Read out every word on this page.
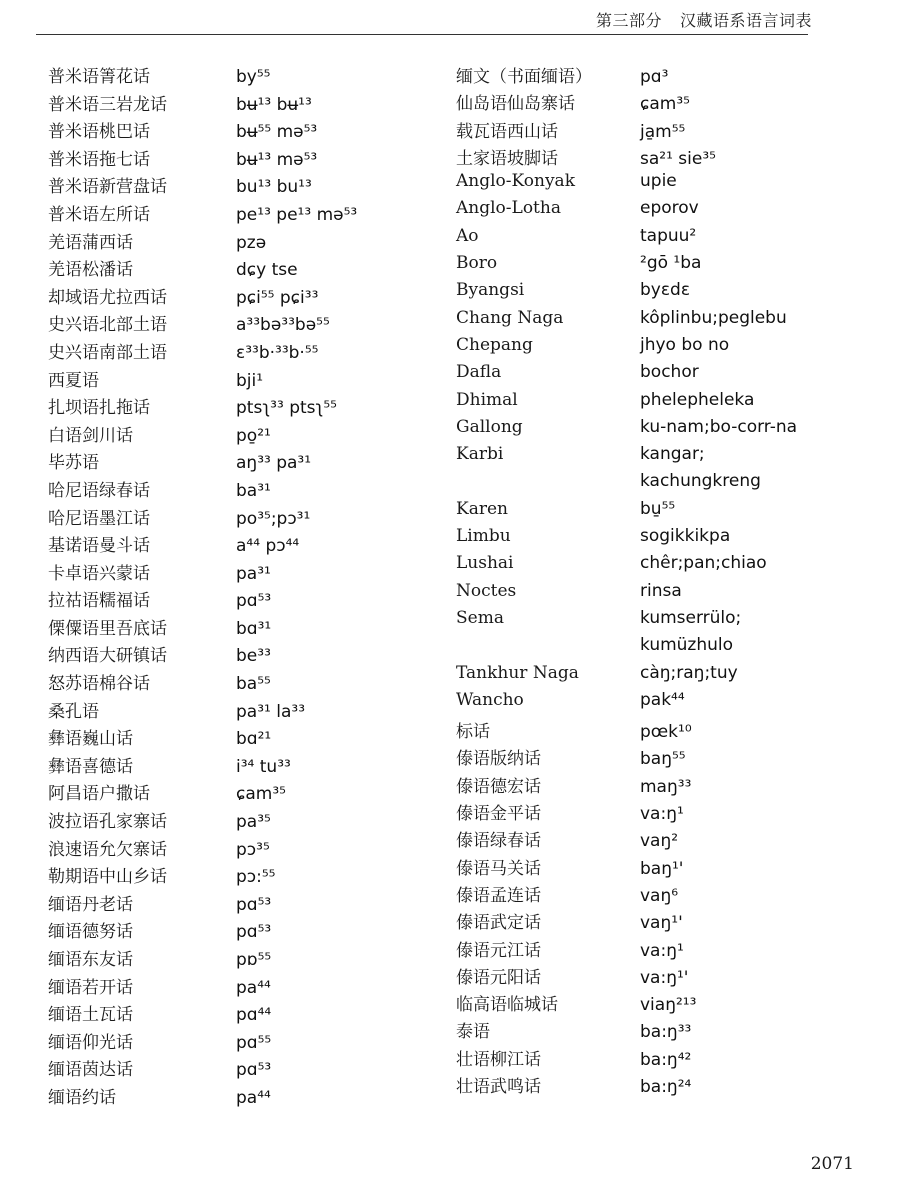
第三部分 汉藏语系语言词表
普米语箐花话	by⁵⁵
普米语三岩龙话	bʉ¹³ bʉ¹³
普米语桃巴话	bʉ⁵⁵ mə⁵³
普米语拖七话	bʉ¹³ mə⁵³
普米语新营盘话	bu¹³ bu¹³
普米语左所话	pe¹³ pe¹³ mə⁵³
羌语蒲西话	pzə
羌语松潘话	dɕy tse
却域语尤拉西话	pɕi⁵⁵ pɕi³³
史兴语北部土语	a³³bə³³bə⁵⁵
史兴语南部土语	ɛ³³b·³³b·⁵⁵
西夏语	bji¹
扎坝语扎拖话	ptsʅ³³ ptsʅ⁵⁵
白语剑川话	po̱²¹
毕苏语	aŋ³³ pa³¹
哈尼语绿春话	ba³¹
哈尼语墨江话	po³⁵;pɔ³¹
基诺语曼斗话	a⁴⁴ pɔ⁴⁴
卡卓语兴蒙话	pa³¹
拉祜语糯福话	pɑ⁵³
傈僳语里吾底话	bɑ³¹
纳西语大研镇话	be³³
怒苏语棉谷话	ba⁵⁵
桑孔语	pa³¹ la³³
彝语巍山话	bɑ²¹
彝语喜德话	i³⁴ tu³³
阿昌语户撒话	ɕam³⁵
波拉语孔家寨话	pa³⁵
浪速语允欠寨话	pɔ³⁵
勒期语中山乡话	pɔ:⁵⁵
缅语丹老话	pɑ⁵³
缅语德努话	pɑ⁵³
缅语东友话	pɒ⁵⁵
缅语若开话	pa⁴⁴
缅语土瓦话	pɑ⁴⁴
缅语仰光话	pɑ⁵⁵
缅语茵达话	pɑ⁵³
缅语约话	pa⁴⁴
缅文（书面缅语）	pɑ³
仙岛语仙岛寨话	ɕam³⁵
载瓦语西山话	ja̱m⁵⁵
土家语坡脚话	sa²¹ sie³⁵
Anglo-Konyak	upie
Anglo-Lotha	eporov
Ao	tapuu²
Boro	²gō ¹ba
Byangsi	byɛdɛ
Chang Naga	kôplinbu;peglebu
Chepang	jhyo bo no
Dafla	bochor
Dhimal	phelepheleka
Gallong	ku-nam;bo-corr-na
Karbi	kangar;
kachungkreng
Karen	bu̱⁵⁵
Limbu	sogikkikpa
Lushai	chêr;pan;chiao
Noctes	rinsa
Sema	kumserrülo;
kumüzhulo
Tankhur Naga	càŋ;raŋ;tuy
Wancho	pak⁴⁴
标话	pœk¹⁰
傣语版纳话	baŋ⁵⁵
傣语德宏话	maŋ³³
傣语金平话	va:ŋ¹
傣语绿春话	vaŋ²
傣语马关话	baŋ¹'
傣语孟连话	vaŋ⁶
傣语武定话	vaŋ¹'
傣语元江话	va:ŋ¹
傣语元阳话	va:ŋ¹'
临高语临城话	viaŋ²¹³
泰语	ba:ŋ³³
壮语柳江话	ba:ŋ⁴²
壮语武鸣话	ba:ŋ²⁴
2071
